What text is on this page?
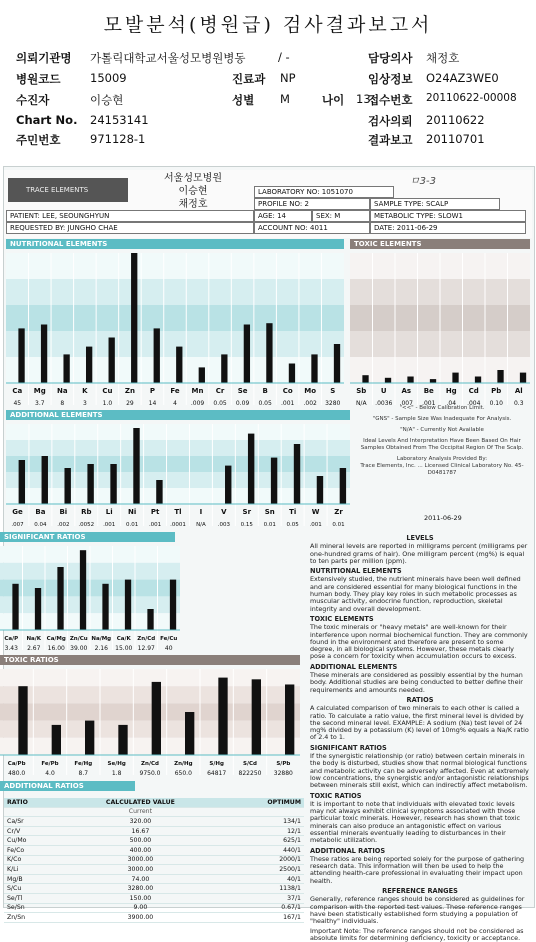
모발분석(병원급) 검사결과보고서
의뢰기관명 가톨릭대학교서울성모병원병동	/ -
병원코드	15009	진료과 NP
수진자	이승현	성별 M	나이 13
Chart No. 24153141
주민번호	971128-1
담당의사 채정호
임상정보 O24AZ3WE0
접수번호 20110622-00008
검사의뢰 20110622
결과보고 20110701
TRACE ELEMENTS
서울성모병원
이승현
채정호
ㅁ3-3
LABORATORY NO: 1051070
PROFILE NO: 2	SAMPLE TYPE: SCALP
PATIENT: LEE, SEOUNGHYUN	AGE: 14	SEX: M	METABOLIC TYPE: SLOW1
REQUESTED BY: JUNGHO CHAE	ACCOUNT NO: 4011	DATE: 2011-06-29
NUTRITIONAL ELEMENTS	TOXIC ELEMENTS
ADDITIONAL ELEMENTS
SIGNIFICANT RATIOS
TOXIC RATIOS
ADDITIONAL RATIOS
Ca Mg Na K Cu Zn P Fe Mn Cr Se B Co Mo S
45 3.7	8	3	1.0 29 14	4 .009 0.05 0.09 0.05 .001 .002 3280
Sb U As Be Hg Cd Pb Al
N/A .0036 .007 .001 .04 .004 0.10 0.3
Ge Ba Bi Rb Li Ni Pt Tl	I	V Sr Sn Ti W Zr
.007 0.04 .002 .0052 .001 0.01 .001 .0001 N/A .003 0.15 0.01 0.05 .001 0.01
Ca/P Na/K Ca/Mg Zn/Cu Na/Mg Ca/K Zn/Cd Fe/Cu
3.43 2.67 16.00 39.00 2.16 15.00 12.97 40
Ca/Pb	Fe/Pb	Fe/Hg	Se/Hg	Zn/Cd	Zn/Hg	S/Hg	S/Cd	S/Pb
480.0	4.0	8.7	1.8	9750.0 650.0	64817 822250 32880
"<<" - Below Calibration Limit.
"GNS" - Sample Size Was Inadequate For Analysis.
"N/A" - Currently Not Available
Ideal Levels And Interpretation Have Been Based On Hair Samples Obtained From The Occipital Region Of The Scalp.
Laboratory Analysis Provided By:
Trace Elements, Inc. ... Licensed Clinical Laboratory No. 45-D0481787
2011-06-29
LEVELS

All mineral levels are reported in milligrams percent (milligrams per one-hundred grams of hair). One milligram percent (mg%) is equal to ten parts per million (ppm).

NUTRITIONAL ELEMENTS

Extensively studied, the nutrient minerals have been well defined and are considered essential for many biological functions in the human body. They play key roles in such metabolic processes as muscular activity, endocrine function, reproduction, skeletal integrity and overall development.

TOXIC ELEMENTS

The toxic minerals or "heavy metals" are well-known for their interference upon normal biochemical function. They are commonly found in the environment and therefore are present to some degree, in all biological systems. However, these metals clearly pose a concern for toxicity when accumulation occurs to excess.

ADDITIONAL ELEMENTS

These minerals are considered as possibly essential by the human body. Additional studies are being conducted to better define their requirements and amounts needed.

RATIOS

A calculated comparison of two minerals to each other is called a ratio. To calculate a ratio value, the first mineral level is divided by the second mineral level. EXAMPLE: A sodium (Na) test level of 24 mg% divided by a potassium (K) level of 10mg% equals a Na/K ratio of 2.4 to 1.

SIGNIFICANT RATIOS

If the synergistic relationship (or ratio) between certain minerals in the body is disturbed, studies show that normal biological functions and metabolic activity can be adversely affected. Even at extremely low concentrations, the synergistic and/or antagonistic relationships between minerals still exist, which can indirectly affect metabolism.

TOXIC RATIOS

It is important to note that individuals with elevated toxic levels may not always exhibit clinical symptoms associated with those particular toxic minerals. However, research has shown that toxic minerals can also produce an antagonistic effect on various essential minerals eventually leading to disturbances in their metabolic utilization.

ADDITIONAL RATIOS

These ratios are being reported solely for the purpose of gathering research data. This information will then be used to help the attending health-care professional in evaluating their impact upon health.

REFERENCE RANGES

Generally, reference ranges should be considered as guidelines for comparison with the reported test values. These reference ranges have been statistically established form studying a population of "healthy" individuals.

Important Note: The reference ranges should not be considered as absolute limits for determining deficiency, toxicity or acceptance.

RATIO	CALCULATED VALUE	OPTIMUM
	Current	
Ca/Sr	320.00	134/1
Cr/V	16.67	12/1
Cu/Mo	500.00	625/1
Fe/Co	400.00	440/1
K/Co	3000.00	2000/1
K/Li	3000.00	2500/1
Mg/B	74.00	40/1
S/Cu	3280.00	1138/1
Se/Tl	150.00	37/1
Se/Sn	9.00	0.67/1
Zn/Sn	3900.00	167/1
